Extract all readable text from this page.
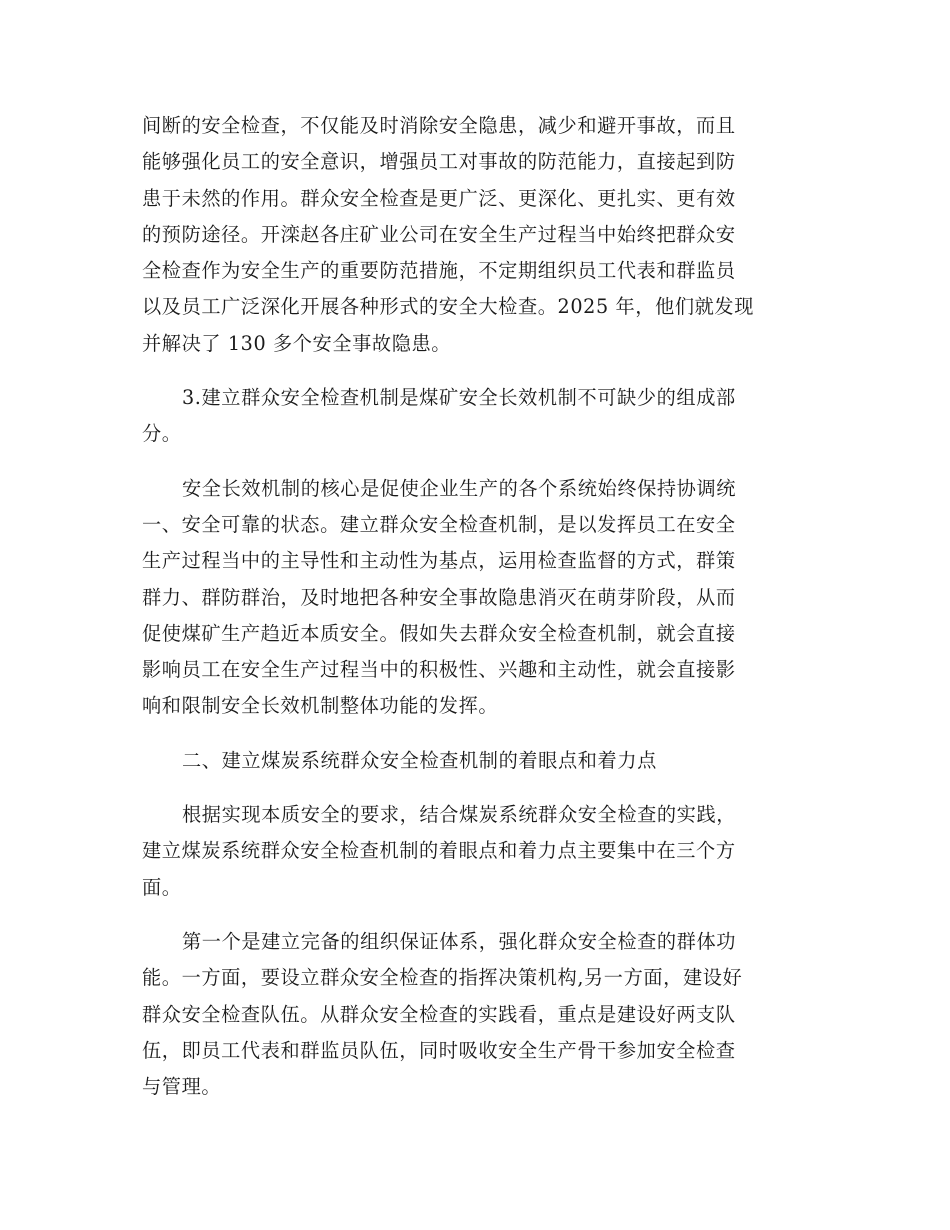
间断的安全检查，不仅能及时消除安全隐患，减少和避开事故，而且
能够强化员工的安全意识，增强员工对事故的防范能力，直接起到防
患于未然的作用。群众安全检查是更广泛、更深化、更扎实、更有效
的预防途径。开滦赵各庄矿业公司在安全生产过程当中始终把群众安
全检查作为安全生产的重要防范措施，不定期组织员工代表和群监员
以及员工广泛深化开展各种形式的安全大检查。2025 年，他们就发现
并解决了 130 多个安全事故隐患。

3.建立群众安全检查机制是煤矿安全长效机制不可缺少的组成部
分。

安全长效机制的核心是促使企业生产的各个系统始终保持协调统
一、安全可靠的状态。建立群众安全检查机制，是以发挥员工在安全
生产过程当中的主导性和主动性为基点，运用检查监督的方式，群策
群力、群防群治，及时地把各种安全事故隐患消灭在萌芽阶段，从而
促使煤矿生产趋近本质安全。假如失去群众安全检查机制，就会直接
影响员工在安全生产过程当中的积极性、兴趣和主动性，就会直接影
响和限制安全长效机制整体功能的发挥。

二、建立煤炭系统群众安全检查机制的着眼点和着力点

根据实现本质安全的要求，结合煤炭系统群众安全检查的实践，
建立煤炭系统群众安全检查机制的着眼点和着力点主要集中在三个方
面。

第一个是建立完备的组织保证体系，强化群众安全检查的群体功
能。一方面，要设立群众安全检查的指挥决策机构,另一方面，建设好
群众安全检查队伍。从群众安全检查的实践看，重点是建设好两支队
伍，即员工代表和群监员队伍，同时吸收安全生产骨干参加安全检查
与管理。
